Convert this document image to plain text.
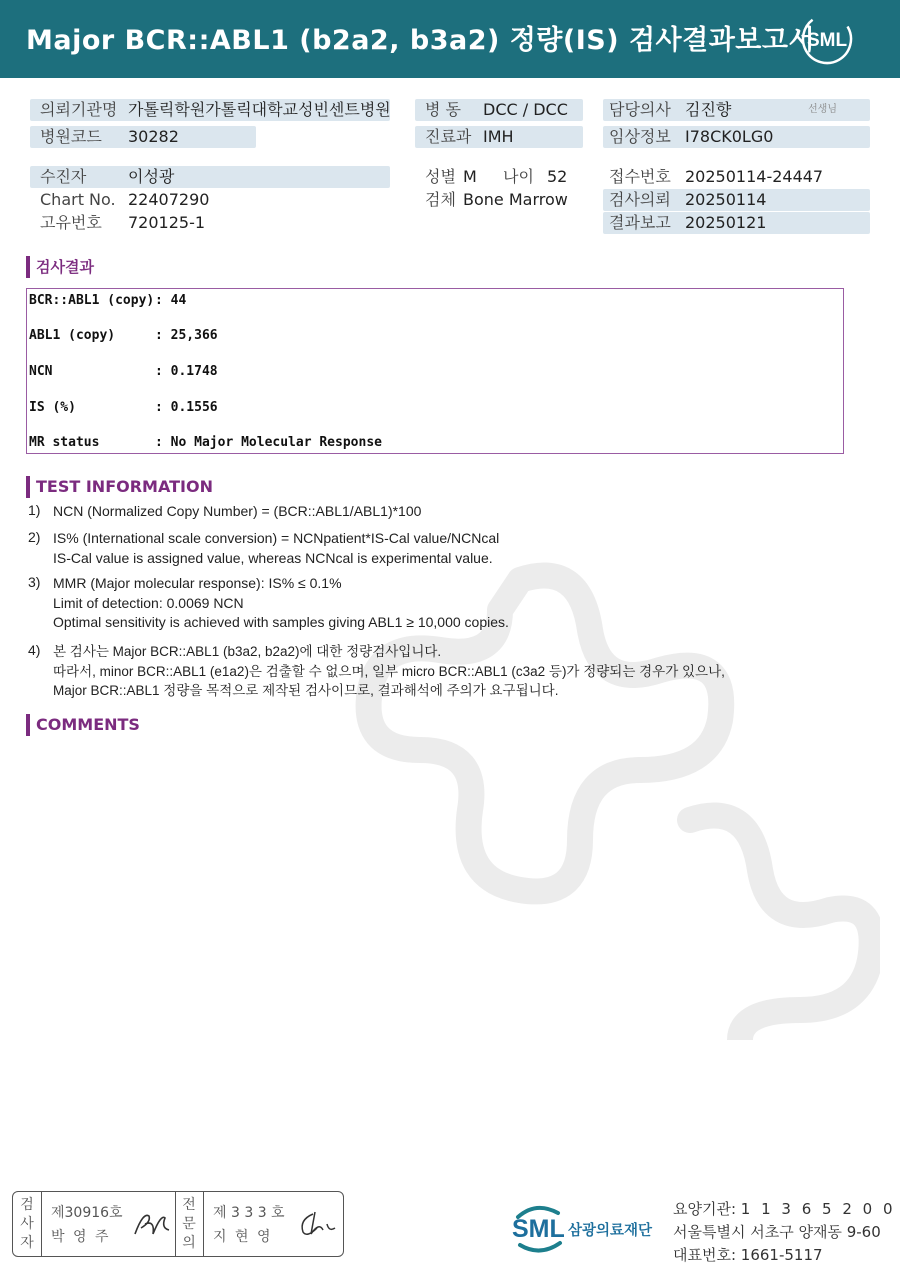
Major BCR::ABL1 (b2a2, b3a2) 정량(IS) 검사결과보고서
SML
의뢰기관명 가톨릭학원가톨릭대학교성빈센트병원
병원코드 30282
수진자	이성광
Chart No. 22407290
고유번호 720125-1
병 동 DCC / DCC
진료과 IMH
성별 M 나이 52
검체 Bone Marrow
담당의사 김진향	선생님
임상정보 I78CK0LG0
접수번호 20250114-24447
검사의뢰 20250114
결과보고 20250121
검사결과
BCR::ABL1 (copy): 44
ABL1 (copy)	: 25,366
NCN	: 0.1748
IS (%)	: 0.1556
MR status	: No Major Molecular Response
TEST INFORMATION
1) NCN (Normalized Copy Number) = (BCR::ABL1/ABL1)*100
2) IS% (International scale conversion) = NCNpatient*IS-Cal value/NCNcal
IS-Cal value is assigned value, whereas NCNcal is experimental value.
3) MMR (Major molecular response): IS% ≤ 0.1%
Limit of detection: 0.0069 NCN
Optimal sensitivity is achieved with samples giving ABL1 ≥ 10,000 copies.
4) 본 검사는 Major BCR::ABL1 (b3a2, b2a2)에 대한 정량검사입니다.
따라서, minor BCR::ABL1 (e1a2)은 검출할 수 없으며, 일부 micro BCR::ABL1 (c3a2 등)가 정량되는 경우가 있으나,
Major BCR::ABL1 정량을 목적으로 제작된 검사이므로, 결과해석에 주의가 요구됩니다.
COMMENTS
검
사
자
제30916호
박 영 주
전
문
의
제 3 3 3 호
지 현 영	SML 삼광의료재단
요양기관: 1 1 3 6 5 2 0 0
서울특별시 서초구 양재동 9-60
대표번호: 1661-5117
